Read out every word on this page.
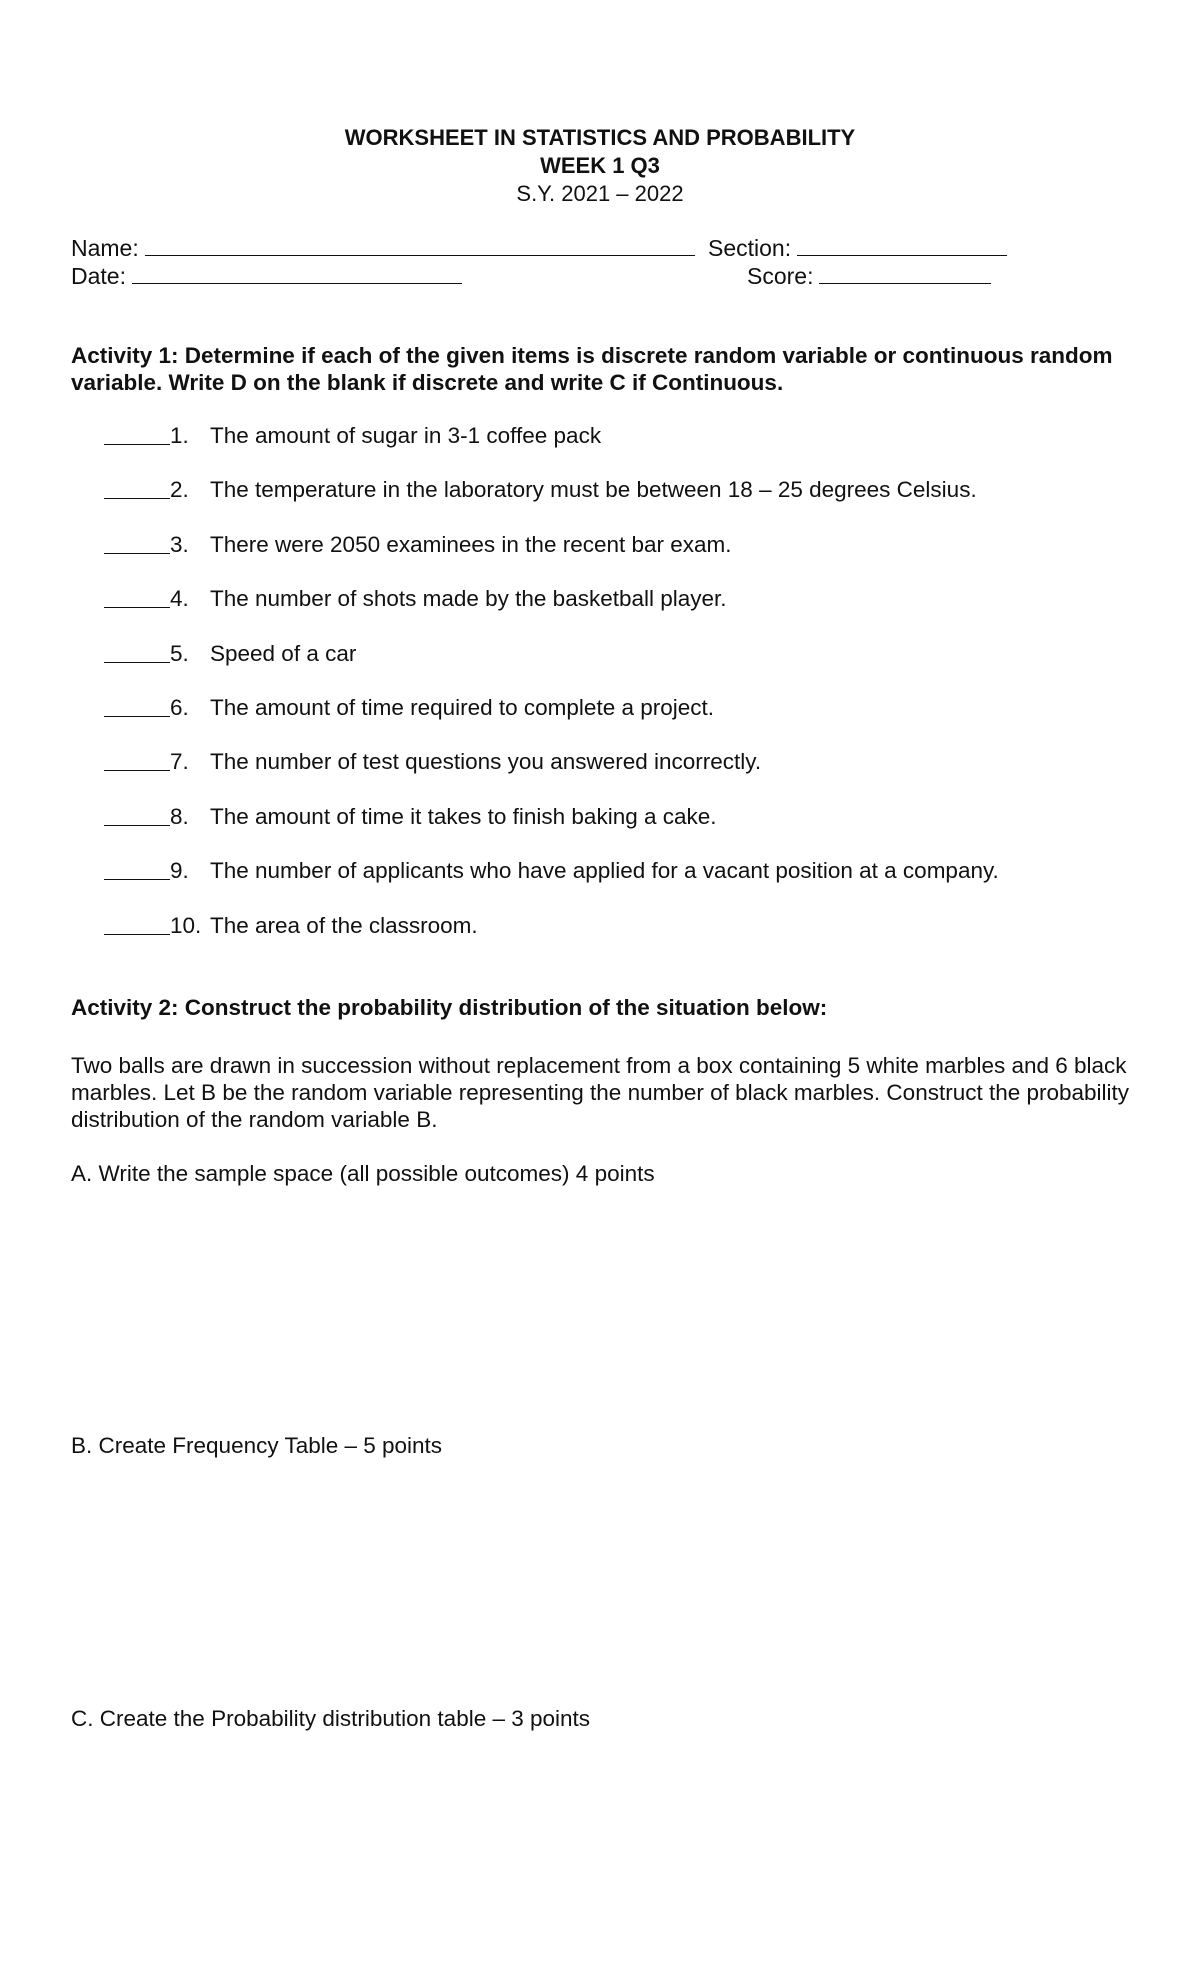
WORKSHEET IN STATISTICS AND PROBABILITY
WEEK 1 Q3
S.Y. 2021 – 2022
Name:	Section:
Date:	Score:
Activity 1: Determine if each of the given items is discrete random variable or continuous random variable. Write D on the blank if discrete and write C if Continuous.
1. The amount of sugar in 3-1 coffee pack
2. The temperature in the laboratory must be between 18 – 25 degrees Celsius.
3. There were 2050 examinees in the recent bar exam.
4. The number of shots made by the basketball player.
5. Speed of a car
6. The amount of time required to complete a project.
7. The number of test questions you answered incorrectly.
8. The amount of time it takes to finish baking a cake.
9. The number of applicants who have applied for a vacant position at a company.
10. The area of the classroom.
Activity 2: Construct the probability distribution of the situation below:
Two balls are drawn in succession without replacement from a box containing 5 white marbles and 6 black marbles. Let B be the random variable representing the number of black marbles. Construct the probability distribution of the random variable B.
A. Write the sample space (all possible outcomes) 4 points
B. Create Frequency Table – 5 points
C. Create the Probability distribution table – 3 points
